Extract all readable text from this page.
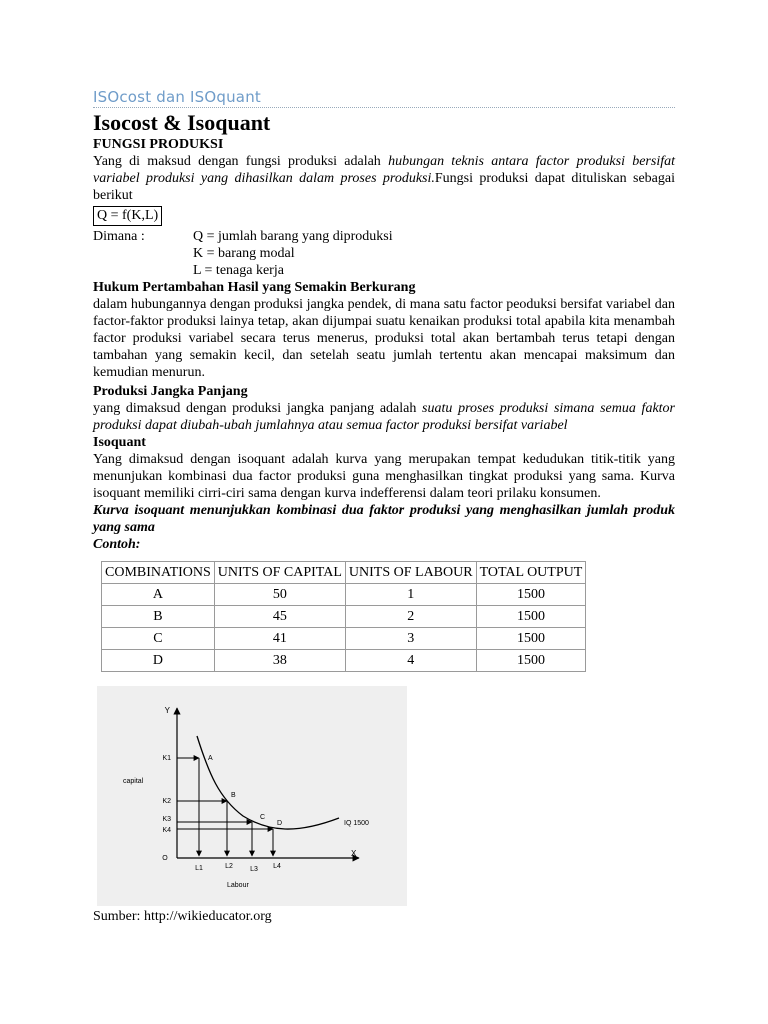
ISOcost dan ISOquant
Isocost & Isoquant
FUNGSI PRODUKSI

Yang di maksud dengan fungsi produksi adalah hubungan teknis antara factor produksi bersifat variabel produksi yang dihasilkan dalam proses produksi.Fungsi produksi dapat dituliskan sebagai berikut

Q = f(K,L)
Dimana :	Q = jumlah barang yang diproduksi
K = barang modal
L = tenaga kerja
Hukum Pertambahan Hasil yang Semakin Berkurang

dalam hubungannya dengan produksi jangka pendek, di mana satu factor peoduksi bersifat variabel dan factor-faktor produksi lainya tetap, akan dijumpai suatu kenaikan produksi total apabila kita menambah factor produksi variabel secara terus menerus, produksi total akan bertambah terus tetapi dengan tambahan yang semakin kecil, dan setelah seatu jumlah tertentu akan mencapai maksimum dan kemudian menurun.

Produksi Jangka Panjang

yang dimaksud dengan produksi jangka panjang adalah suatu proses produksi simana semua faktor produksi dapat diubah-ubah jumlahnya atau semua factor produksi bersifat variabel

Isoquant

Yang dimaksud dengan isoquant adalah kurva yang merupakan tempat kedudukan titik-titik yang menunjukan kombinasi dua factor produksi guna menghasilkan tingkat produksi yang sama. Kurva isoquant memiliki cirri-ciri sama dengan kurva indefferensi dalam teori prilaku konsumen.

Kurva isoquant menunjukkan kombinasi dua faktor produksi yang menghasilkan jumlah produk yang sama

Contoh:
COMBINATIONS	UNITS OF CAPITAL	UNITS OF LABOUR	TOTAL OUTPUT
A	50	1	1500
B	45	2	1500
C	41	3	1500
D	38	4	1500
Y
X
O
capital
Labour
IQ 1500
K1
L1
A
K2
L2
B
K3
L3
C
K4
L4
D
Sumber: http://wikieducator.org
